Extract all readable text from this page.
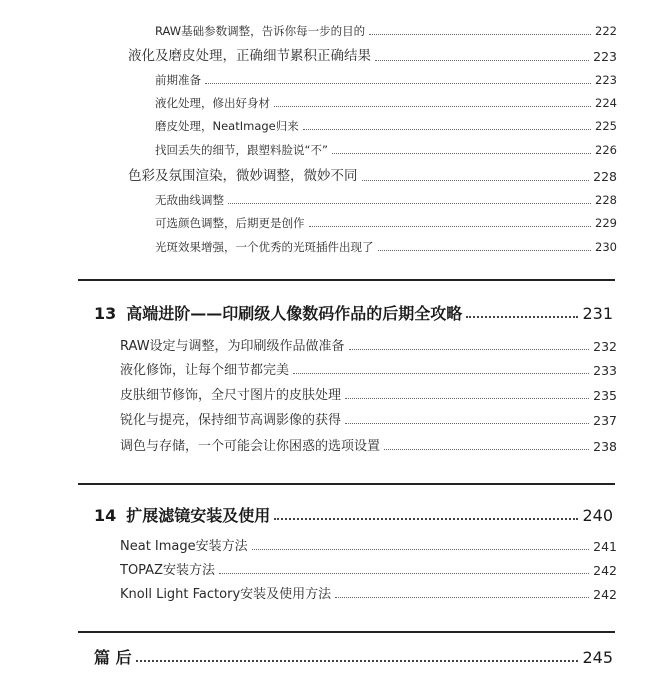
RAW基础参数调整，告诉你每一步的目的	222
液化及磨皮处理，正确细节累积正确结果	223
前期准备	223
液化处理，修出好身材	224
磨皮处理，NeatImage归来	225
找回丢失的细节，跟塑料脸说“不”	226
色彩及氛围渲染，微妙调整，微妙不同	228
无敌曲线调整	228
可选颜色调整，后期更是创作	229
光斑效果增强，一个优秀的光斑插件出现了	230
13 高端进阶——印刷级人像数码作品的后期全攻略	231
RAW设定与调整，为印刷级作品做准备	232
液化修饰，让每个细节都完美	233
皮肤细节修饰，全尺寸图片的皮肤处理	235
锐化与提亮，保持细节高调影像的获得	237
调色与存储，一个可能会让你困惑的选项设置	238
14 扩展滤镜安装及使用	240
Neat Image安装方法	241
TOPAZ安装方法	242
Knoll Light Factory安装及使用方法	242
篇 后	245
